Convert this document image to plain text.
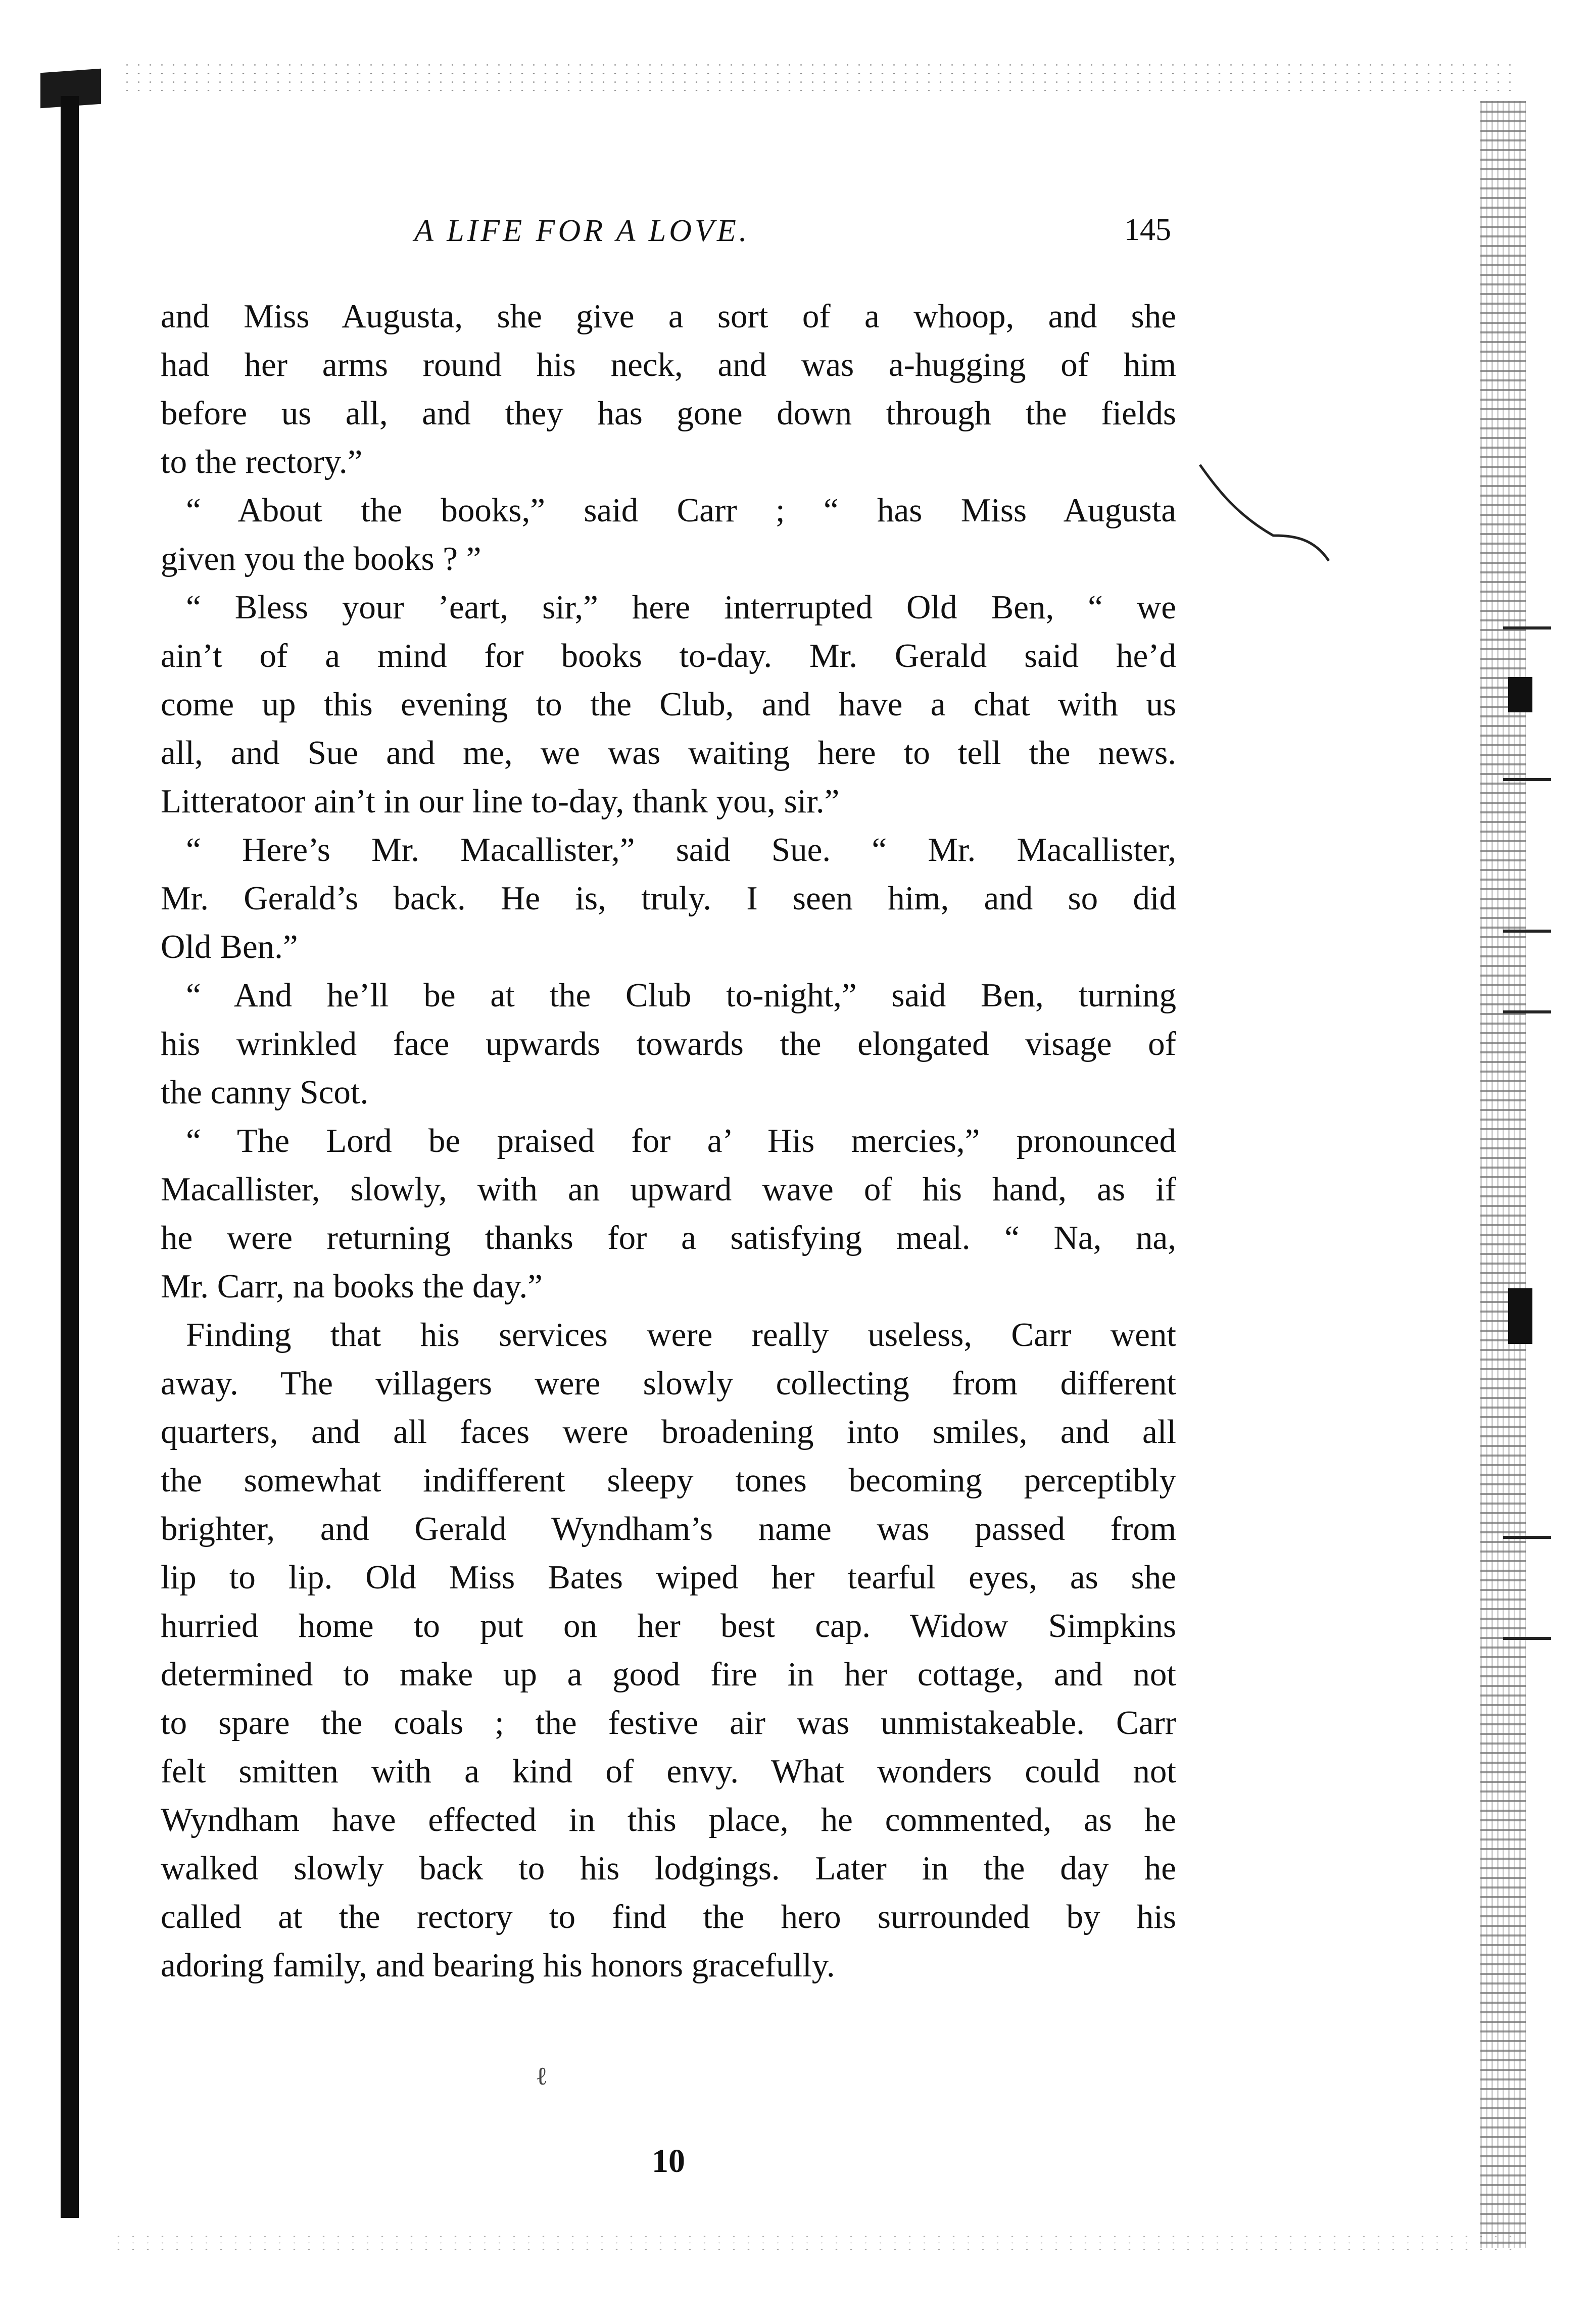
ℓ
A LIFE FOR A LOVE.	145
and Miss Augusta, she give a sort of a whoop, and she
had her arms round his neck, and was a-hugging of him
before us all, and they has gone down through the fields
to the rectory.”
“ About the books,” said Carr ; “ has Miss Augusta
given you the books ? ”
“ Bless your ’eart, sir,” here interrupted Old Ben, “ we
ain’t of a mind for books to-day. Mr. Gerald said he’d
come up this evening to the Club, and have a chat with us
all, and Sue and me, we was waiting here to tell the news.
Litteratoor ain’t in our line to-day, thank you, sir.”
“ Here’s Mr. Macallister,” said Sue. “ Mr. Macallister,
Mr. Gerald’s back. He is, truly. I seen him, and so did
Old Ben.”
“ And he’ll be at the Club to-night,” said Ben, turning
his wrinkled face upwards towards the elongated visage of
the canny Scot.
“ The Lord be praised for a’ His mercies,” pronounced
Macallister, slowly, with an upward wave of his hand, as if
he were returning thanks for a satisfying meal. “ Na, na,
Mr. Carr, na books the day.”
Finding that his services were really useless, Carr went
away. The villagers were slowly collecting from different
quarters, and all faces were broadening into smiles, and all
the somewhat indifferent sleepy tones becoming perceptibly
brighter, and Gerald Wyndham’s name was passed from
lip to lip. Old Miss Bates wiped her tearful eyes, as she
hurried home to put on her best cap. Widow Simpkins
determined to make up a good fire in her cottage, and not
to spare the coals ; the festive air was unmistakeable. Carr
felt smitten with a kind of envy. What wonders could not
Wyndham have effected in this place, he commented, as he
walked slowly back to his lodgings. Later in the day he
called at the rectory to find the hero surrounded by his
adoring family, and bearing his honors gracefully.
10
